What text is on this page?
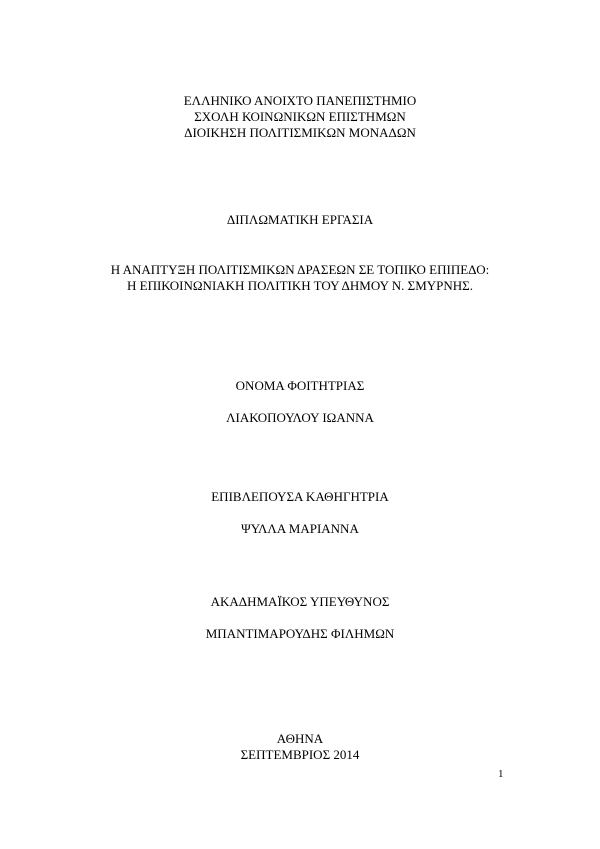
ΕΛΛΗΝΙΚΟ ΑΝΟΙΧΤΟ ΠΑΝΕΠΙΣΤΗΜΙΟ
ΣΧΟΛΗ ΚΟΙΝΩΝΙΚΩΝ ΕΠΙΣΤΗΜΩΝ
ΔΙΟΙΚΗΣΗ ΠΟΛΙΤΙΣΜΙΚΩΝ ΜΟΝΑΔΩΝ
ΔΙΠΛΩΜΑΤΙΚΗ ΕΡΓΑΣΙΑ
Η ΑΝΑΠΤΥΞΗ ΠΟΛΙΤΙΣΜΙΚΩΝ ΔΡΑΣΕΩΝ ΣΕ ΤΟΠΙΚΟ ΕΠΙΠΕΔΟ:
Η ΕΠΙΚΟΙΝΩΝΙΑΚΗ ΠΟΛΙΤΙΚΗ ΤΟΥ ΔΗΜΟΥ Ν. ΣΜΥΡΝΗΣ.
ΟΝΟΜΑ ΦΟΙΤΗΤΡΙΑΣ
ΛΙΑΚΟΠΟΥΛΟΥ ΙΩΑΝΝΑ
ΕΠΙΒΛΕΠΟΥΣΑ ΚΑΘΗΓΗΤΡΙΑ
ΨΥΛΛΑ ΜΑΡΙΑΝΝΑ
ΑΚΑΔΗΜΑΪΚΟΣ ΥΠΕΥΘΥΝΟΣ
ΜΠΑΝΤΙΜΑΡΟΥΔΗΣ ΦΙΛΗΜΩΝ
ΑΘΗΝΑ
ΣΕΠΤΕΜΒΡΙΟΣ 2014
1
